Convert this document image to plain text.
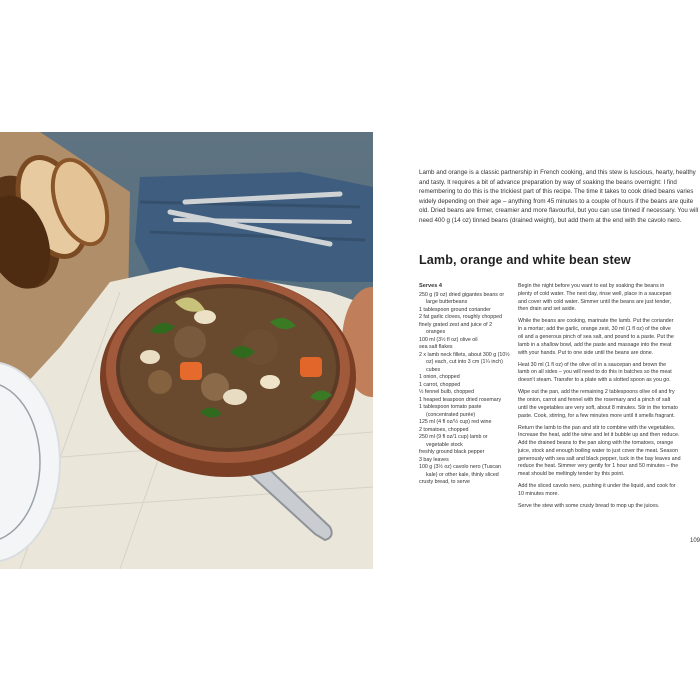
Lamb and orange is a classic partnership in French cooking, and this stew is luscious, hearty, healthy and tasty. It requires a bit of advance preparation by way of soaking the beans overnight: I find remembering to do this is the trickiest part of this recipe. The time it takes to cook dried beans varies widely depending on their age – anything from 45 minutes to a couple of hours if the beans are quite old. Dried beans are firmer, creamier and more flavourful, but you can use tinned if necessary. You will need 400 g (14 oz) tinned beans (drained weight), but add them at the end with the cavolo nero.

Lamb, orange and white bean stew
Serves 4
250 g (9 oz) dried gigantes beans or large butterbeans
1 tablespoon ground coriander
2 fat garlic cloves, roughly chopped
finely grated zest and juice of 2 oranges
100 ml (3½ fl oz) olive oil
sea salt flakes
2 x lamb neck fillets, about 300 g (10½ oz) each, cut into 3 cm (1¼ inch) cubes
1 onion, chopped
1 carrot, chopped
½ fennel bulb, chopped
1 heaped teaspoon dried rosemary
1 tablespoon tomato paste (concentrated purée)
125 ml (4 fl oz/½ cup) red wine
2 tomatoes, chopped
250 ml (9 fl oz/1 cup) lamb or vegetable stock
freshly ground black pepper
3 bay leaves
100 g (3½ oz) cavolo nero (Tuscan kale) or other kale, thinly sliced
crusty bread, to serve

Begin the night before you want to eat by soaking the beans in
plenty of cold water. The next day, rinse well, place in a saucepan
and cover with cold water. Simmer until the beans are just tender,
then drain and set aside.

While the beans are cooking, marinate the lamb. Put the coriander
in a mortar; add the garlic, orange zest, 30 ml (1 fl oz) of the olive
oil and a generous pinch of sea salt, and pound to a paste. Put the
lamb in a shallow bowl, add the paste and massage into the meat
with your hands. Put to one side until the beans are done.

Heat 30 ml (1 fl oz) of the olive oil in a saucepan and brown the
lamb on all sides – you will need to do this in batches so the meat
doesn't steam. Transfer to a plate with a slotted spoon as you go.

Wipe out the pan, add the remaining 2 tablespoons olive oil and fry
the onion, carrot and fennel with the rosemary and a pinch of salt
until the vegetables are very soft, about 8 minutes. Stir in the tomato
paste. Cook, stirring, for a few minutes more until it smells fragrant.

Return the lamb to the pan and stir to combine with the vegetables.
Increase the heat, add the wine and let it bubble up and then reduce.
Add the drained beans to the pan along with the tomatoes, orange
juice, stock and enough boiling water to just cover the meat. Season
generously with sea salt and black pepper, tuck in the bay leaves and
reduce the heat. Simmer very gently for 1 hour and 50 minutes – the
meat should be meltingly tender by this point.

Add the sliced cavolo nero, pushing it under the liquid, and cook for
10 minutes more.

Serve the stew with some crusty bread to mop up the juices.

109
